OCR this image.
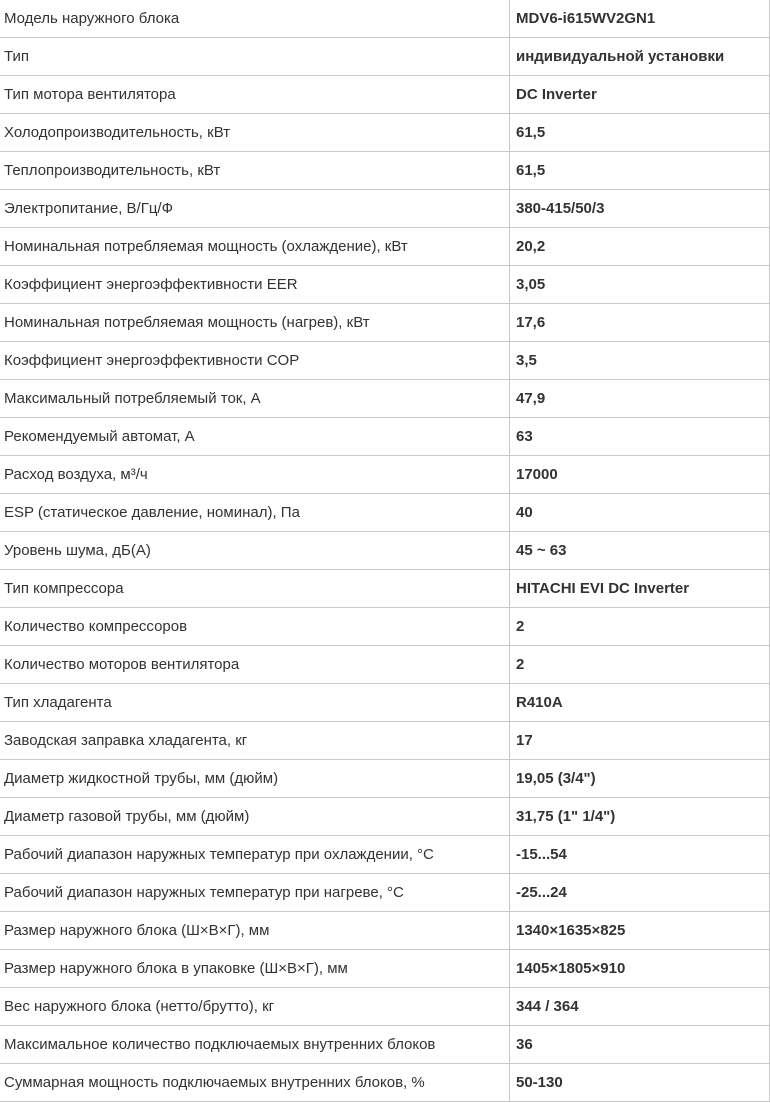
Модель наружного блока	MDV6-i615WV2GN1
Тип	индивидуальной установки
Тип мотора вентилятора	DC Inverter
Холодопроизводительность, кВт	61,5
Теплопроизводительность, кВт	61,5
Электропитание, В/Гц/Ф	380-415/50/3
Номинальная потребляемая мощность (охлаждение), кВт	20,2
Коэффициент энергоэффективности EER	3,05
Номинальная потребляемая мощность (нагрев), кВт	17,6
Коэффициент энергоэффективности COP	3,5
Максимальный потребляемый ток, А	47,9
Рекомендуемый автомат, А	63
Расход воздуха, м³/ч	17000
ESP (статическое давление, номинал), Па	40
Уровень шума, дБ(А)	45 ~ 63
Тип компрессора	HITACHI EVI DC Inverter
Количество компрессоров	2
Количество моторов вентилятора	2
Тип хладагента	R410A
Заводская заправка хладагента, кг	17
Диаметр жидкостной трубы, мм (дюйм)	19,05 (3/4")
Диаметр газовой трубы, мм (дюйм)	31,75 (1" 1/4")
Рабочий диапазон наружных температур при охлаждении, °С	-15...54
Рабочий диапазон наружных температур при нагреве, °С	-25...24
Размер наружного блока (Ш×В×Г), мм	1340×1635×825
Размер наружного блока в упаковке (Ш×В×Г), мм	1405×1805×910
Вес наружного блока (нетто/брутто), кг	344 / 364
Максимальное количество подключаемых внутренних блоков	36
Суммарная мощность подключаемых внутренних блоков, %	50-130
